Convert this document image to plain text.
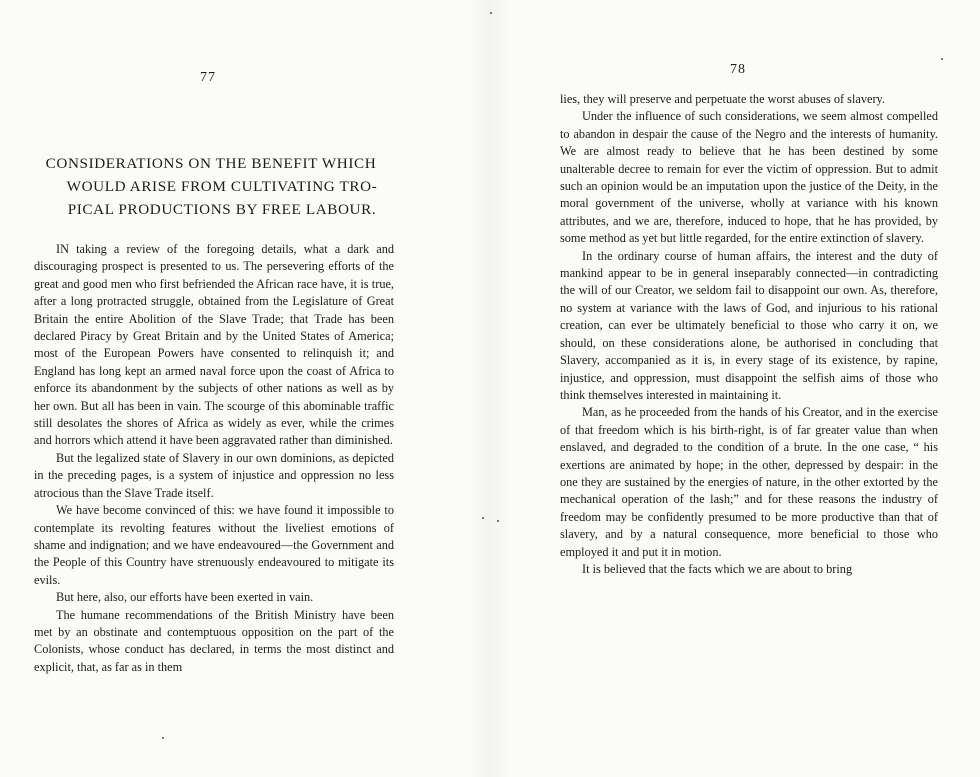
77
CONSIDERATIONS ON THE BENEFIT WHICH
WOULD ARISE FROM CULTIVATING TRO-
PICAL PRODUCTIONS BY FREE LABOUR.

IN taking a review of the foregoing details, what a dark and discouraging prospect is presented to us. The persevering efforts of the great and good men who first befriended the African race have, it is true, after a long protracted struggle, obtained from the Legislature of Great Britain the entire Abolition of the Slave Trade; that Trade has been declared Piracy by Great Britain and by the United States of America; most of the European Powers have consented to relinquish it; and England has long kept an armed naval force upon the coast of Africa to enforce its abandonment by the subjects of other nations as well as by her own. But all has been in vain. The scourge of this abominable traffic still desolates the shores of Africa as widely as ever, while the crimes and horrors which attend it have been aggravated rather than diminished.

But the legalized state of Slavery in our own dominions, as depicted in the preceding pages, is a system of injustice and oppression no less atrocious than the Slave Trade itself.

We have become convinced of this: we have found it impossible to contemplate its revolting features without the liveliest emotions of shame and indignation; and we have endeavoured—the Government and the People of this Country have strenuously endeavoured to mitigate its evils.

But here, also, our efforts have been exerted in vain.

The humane recommendations of the British Ministry have been met by an obstinate and contemptuous opposition on the part of the Colonists, whose conduct has declared, in terms the most distinct and explicit, that, as far as in them

78

lies, they will preserve and perpetuate the worst abuses of slavery.

Under the influence of such considerations, we seem almost compelled to abandon in despair the cause of the Negro and the interests of humanity. We are almost ready to believe that he has been destined by some unalterable decree to remain for ever the victim of oppression. But to admit such an opinion would be an imputation upon the justice of the Deity, in the moral government of the universe, wholly at variance with his known attributes, and we are, therefore, induced to hope, that he has provided, by some method as yet but little regarded, for the entire extinction of slavery.

In the ordinary course of human affairs, the interest and the duty of mankind appear to be in general inseparably connected—in contradicting the will of our Creator, we seldom fail to disappoint our own. As, therefore, no system at variance with the laws of God, and injurious to his rational creation, can ever be ultimately beneficial to those who carry it on, we should, on these considerations alone, be authorised in concluding that Slavery, accompanied as it is, in every stage of its existence, by rapine, injustice, and oppression, must disappoint the selfish aims of those who think themselves interested in maintaining it.

Man, as he proceeded from the hands of his Creator, and in the exercise of that freedom which is his birth-right, is of far greater value than when enslaved, and degraded to the condition of a brute. In the one case, “ his exertions are animated by hope; in the other, depressed by despair: in the one they are sustained by the energies of nature, in the other extorted by the mechanical operation of the lash;” and for these reasons the industry of freedom may be confidently presumed to be more productive than that of slavery, and by a natural consequence, more beneficial to those who employed it and put it in motion.

It is believed that the facts which we are about to bring
